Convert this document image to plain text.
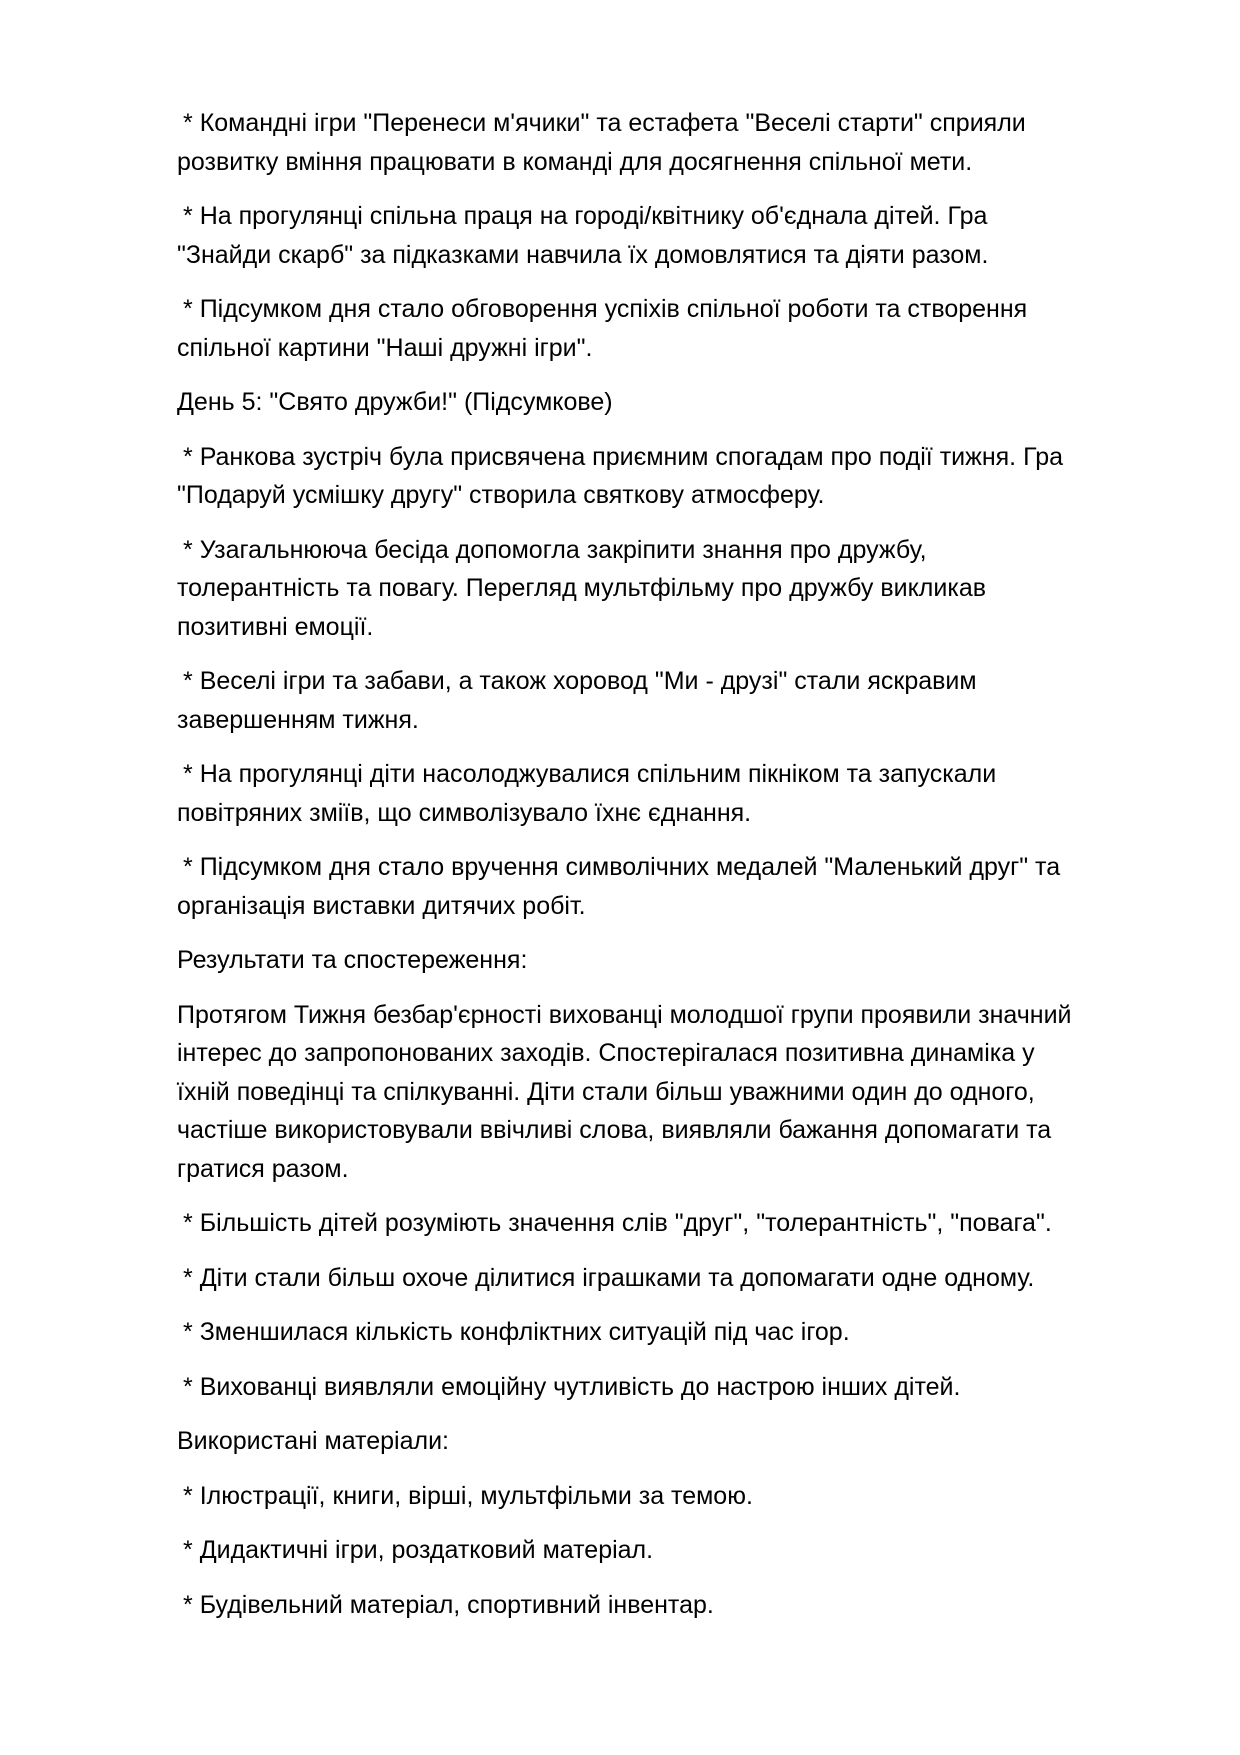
* Командні ігри "Перенеси м'ячики" та естафета "Веселі старти" сприяли
розвитку вміння працювати в команді для досягнення спільної мети.
* На прогулянці спільна праця на городі/квітнику об'єднала дітей. Гра
"Знайди скарб" за підказками навчила їх домовлятися та діяти разом.
* Підсумком дня стало обговорення успіхів спільної роботи та створення
спільної картини "Наші дружні ігри".
День 5: "Свято дружби!" (Підсумкове)
* Ранкова зустріч була присвячена приємним спогадам про події тижня. Гра
"Подаруй усмішку другу" створила святкову атмосферу.
* Узагальнююча бесіда допомогла закріпити знання про дружбу,
толерантність та повагу. Перегляд мультфільму про дружбу викликав
позитивні емоції.
* Веселі ігри та забави, а також хоровод "Ми - друзі" стали яскравим
завершенням тижня.
* На прогулянці діти насолоджувалися спільним пікніком та запускали
повітряних зміїв, що символізувало їхнє єднання.
* Підсумком дня стало вручення символічних медалей "Маленький друг" та
організація виставки дитячих робіт.
Результати та спостереження:
Протягом Тижня безбар'єрності вихованці молодшої групи проявили значний
інтерес до запропонованих заходів. Спостерігалася позитивна динаміка у
їхній поведінці та спілкуванні. Діти стали більш уважними один до одного,
частіше використовували ввічливі слова, виявляли бажання допомагати та
гратися разом.
* Більшість дітей розуміють значення слів "друг", "толерантність", "повага".
* Діти стали більш охоче ділитися іграшками та допомагати одне одному.
* Зменшилася кількість конфліктних ситуацій під час ігор.
* Вихованці виявляли емоційну чутливість до настрою інших дітей.
Використані матеріали:
* Ілюстрації, книги, вірші, мультфільми за темою.
* Дидактичні ігри, роздатковий матеріал.
* Будівельний матеріал, спортивний інвентар.
